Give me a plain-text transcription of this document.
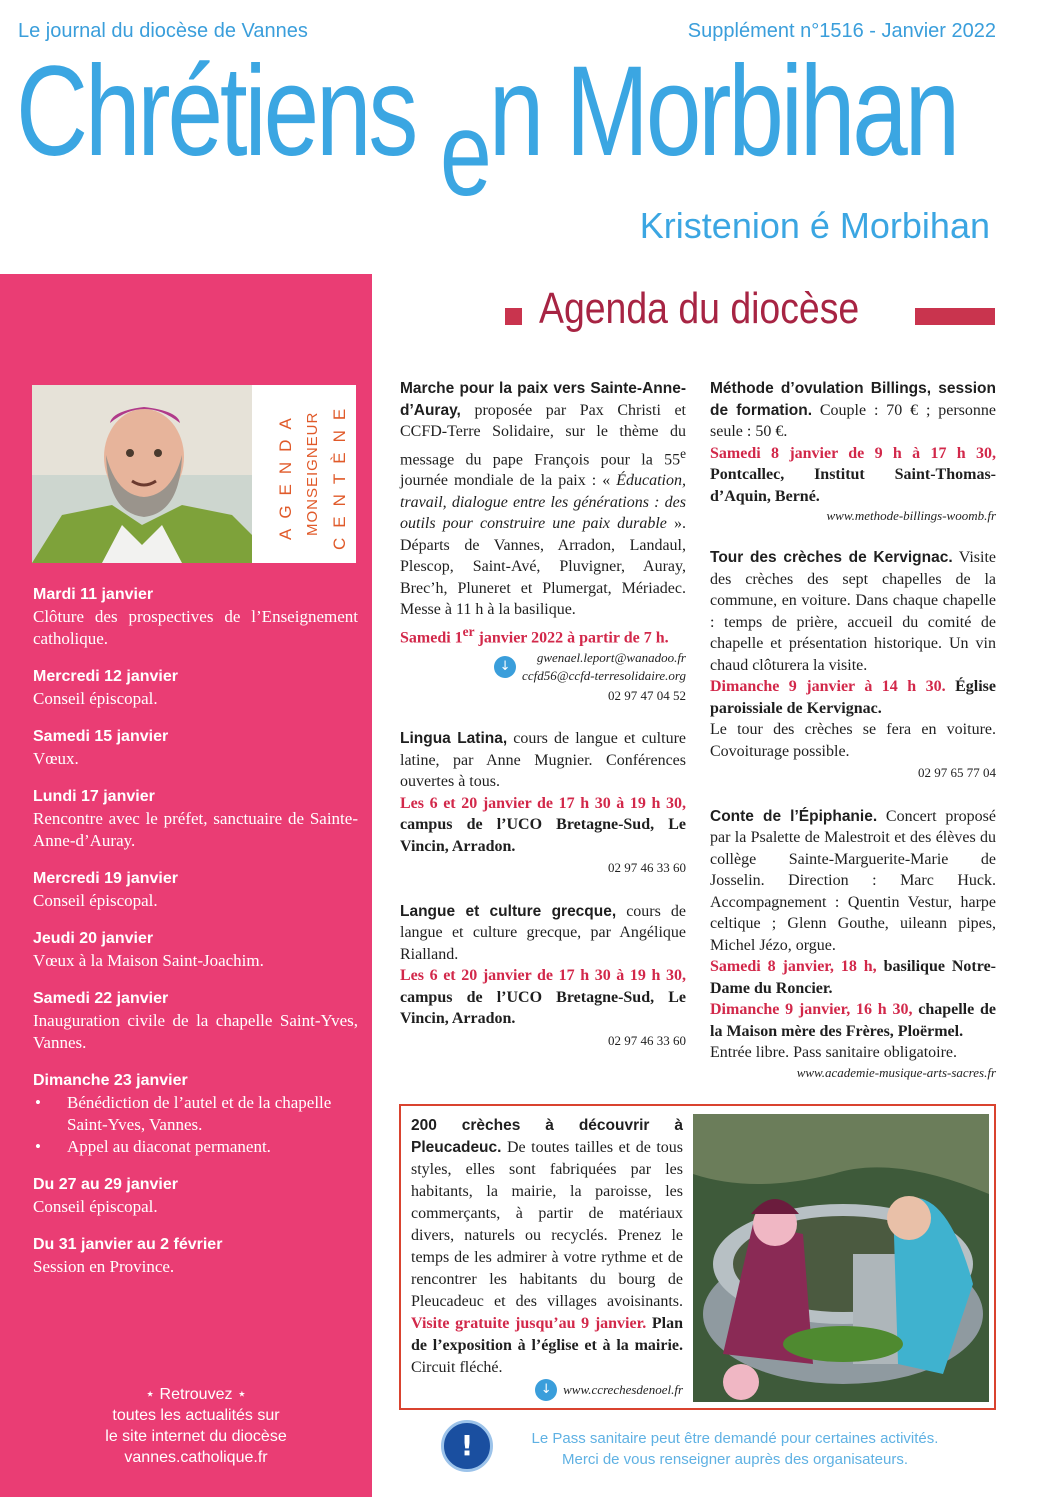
Le journal du diocèse de Vannes	Supplément n°1516 - Janvier 2022
Chrétiens en Morbihan
Kristenion é Morbihan
AGENDA MONSEIGNEUR CENTÈNE
Mardi 11 janvier
Clôture des prospectives de l’Enseignement catholique.
Mercredi 12 janvier
Conseil épiscopal.
Samedi 15 janvier
Vœux.
Lundi 17 janvier
Rencontre avec le préfet, sanctuaire de Sainte-Anne-d’Auray.
Mercredi 19 janvier
Conseil épiscopal.
Jeudi 20 janvier
Vœux à la Maison Saint-Joachim.
Samedi 22 janvier
Inauguration civile de la chapelle Saint-Yves, Vannes.
Dimanche 23 janvier
• Bénédiction de l’autel et de la chapelle Saint-Yves, Vannes.
• Appel au diaconat permanent.
Du 27 au 29 janvier
Conseil épiscopal.
Du 31 janvier au 2 février
Session en Province.
⋆ Retrouvez ⋆
toutes les actualités sur
le site internet du diocèse
vannes.catholique.fr
Agenda du diocèse

Marche pour la paix vers Sainte-Anne-d’Auray, proposée par Pax Christi et CCFD-Terre Solidaire, sur le thème du message du pape François pour la 55e journée mondiale de la paix : « Éducation, travail, dialogue entre les générations : des outils pour construire une paix durable ». Départs de Vannes, Arradon, Landaul, Plescop, Saint-Avé, Pluvigner, Auray, Brec’h, Pluneret et Plumergat, Mériadec. Messe à 11 h à la basilique.

Samedi 1er janvier 2022 à partir de 7 h.

↓
gwenael.leport@wanadoo.fr
ccfd56@ccfd-terresolidaire.org
02 97 47 04 52

Lingua Latina, cours de langue et culture latine, par Anne Mugnier. Conférences ouvertes à tous.

Les 6 et 20 janvier de 17 h 30 à 19 h 30, campus de l’UCO Bretagne-Sud, Le Vincin, Arradon.

02 97 46 33 60

Langue et culture grecque, cours de langue et culture grecque, par Angélique Rialland.

Les 6 et 20 janvier de 17 h 30 à 19 h 30, campus de l’UCO Bretagne-Sud, Le Vincin, Arradon.

02 97 46 33 60

Méthode d’ovulation Billings, session de formation. Couple : 70 € ; personne seule : 50 €.

Samedi 8 janvier de 9 h à 17 h 30, Pontcallec, Institut Saint-Thomas-d’Aquin, Berné.

www.methode-billings-woomb.fr

Tour des crèches de Kervignac. Visite des crèches des sept chapelles de la commune, en voiture. Dans chaque chapelle : temps de prière, accueil du comité de chapelle et présentation historique. Un vin chaud clôturera la visite.

Dimanche 9 janvier à 14 h 30. Église paroissiale de Kervignac.

Le tour des crèches se fera en voiture. Covoiturage possible.

02 97 65 77 04

Conte de l’Épiphanie. Concert proposé par la Psalette de Malestroit et des élèves du collège Sainte-Marguerite-Marie de Josselin. Direction : Marc Huck. Accompagnement : Quentin Vestur, harpe celtique ; Glenn Gouthe, uileann pipes, Michel Jézo, orgue.

Samedi 8 janvier, 18 h, basilique Notre-Dame du Roncier.

Dimanche 9 janvier, 16 h 30, chapelle de la Maison mère des Frères, Ploërmel.

Entrée libre. Pass sanitaire obligatoire.

www.academie-musique-arts-sacres.fr

200 crèches à découvrir à Pleucadeuc. De toutes tailles et de tous styles, elles sont fabriquées par les habitants, la mairie, la paroisse, les commerçants, à partir de matériaux divers, naturels ou recyclés. Prenez le temps de les admirer à votre rythme et de rencontrer les habitants du bourg de Pleucadeuc et des villages avoisinants. Visite gratuite jusqu’au 9 janvier. Plan de l’exposition à l’église et à la mairie. Circuit fléché.

↓ www.ccrechesdenoel.fr
!	Le Pass sanitaire peut être demandé pour certaines activités.
Merci de vous renseigner auprès des organisateurs.
